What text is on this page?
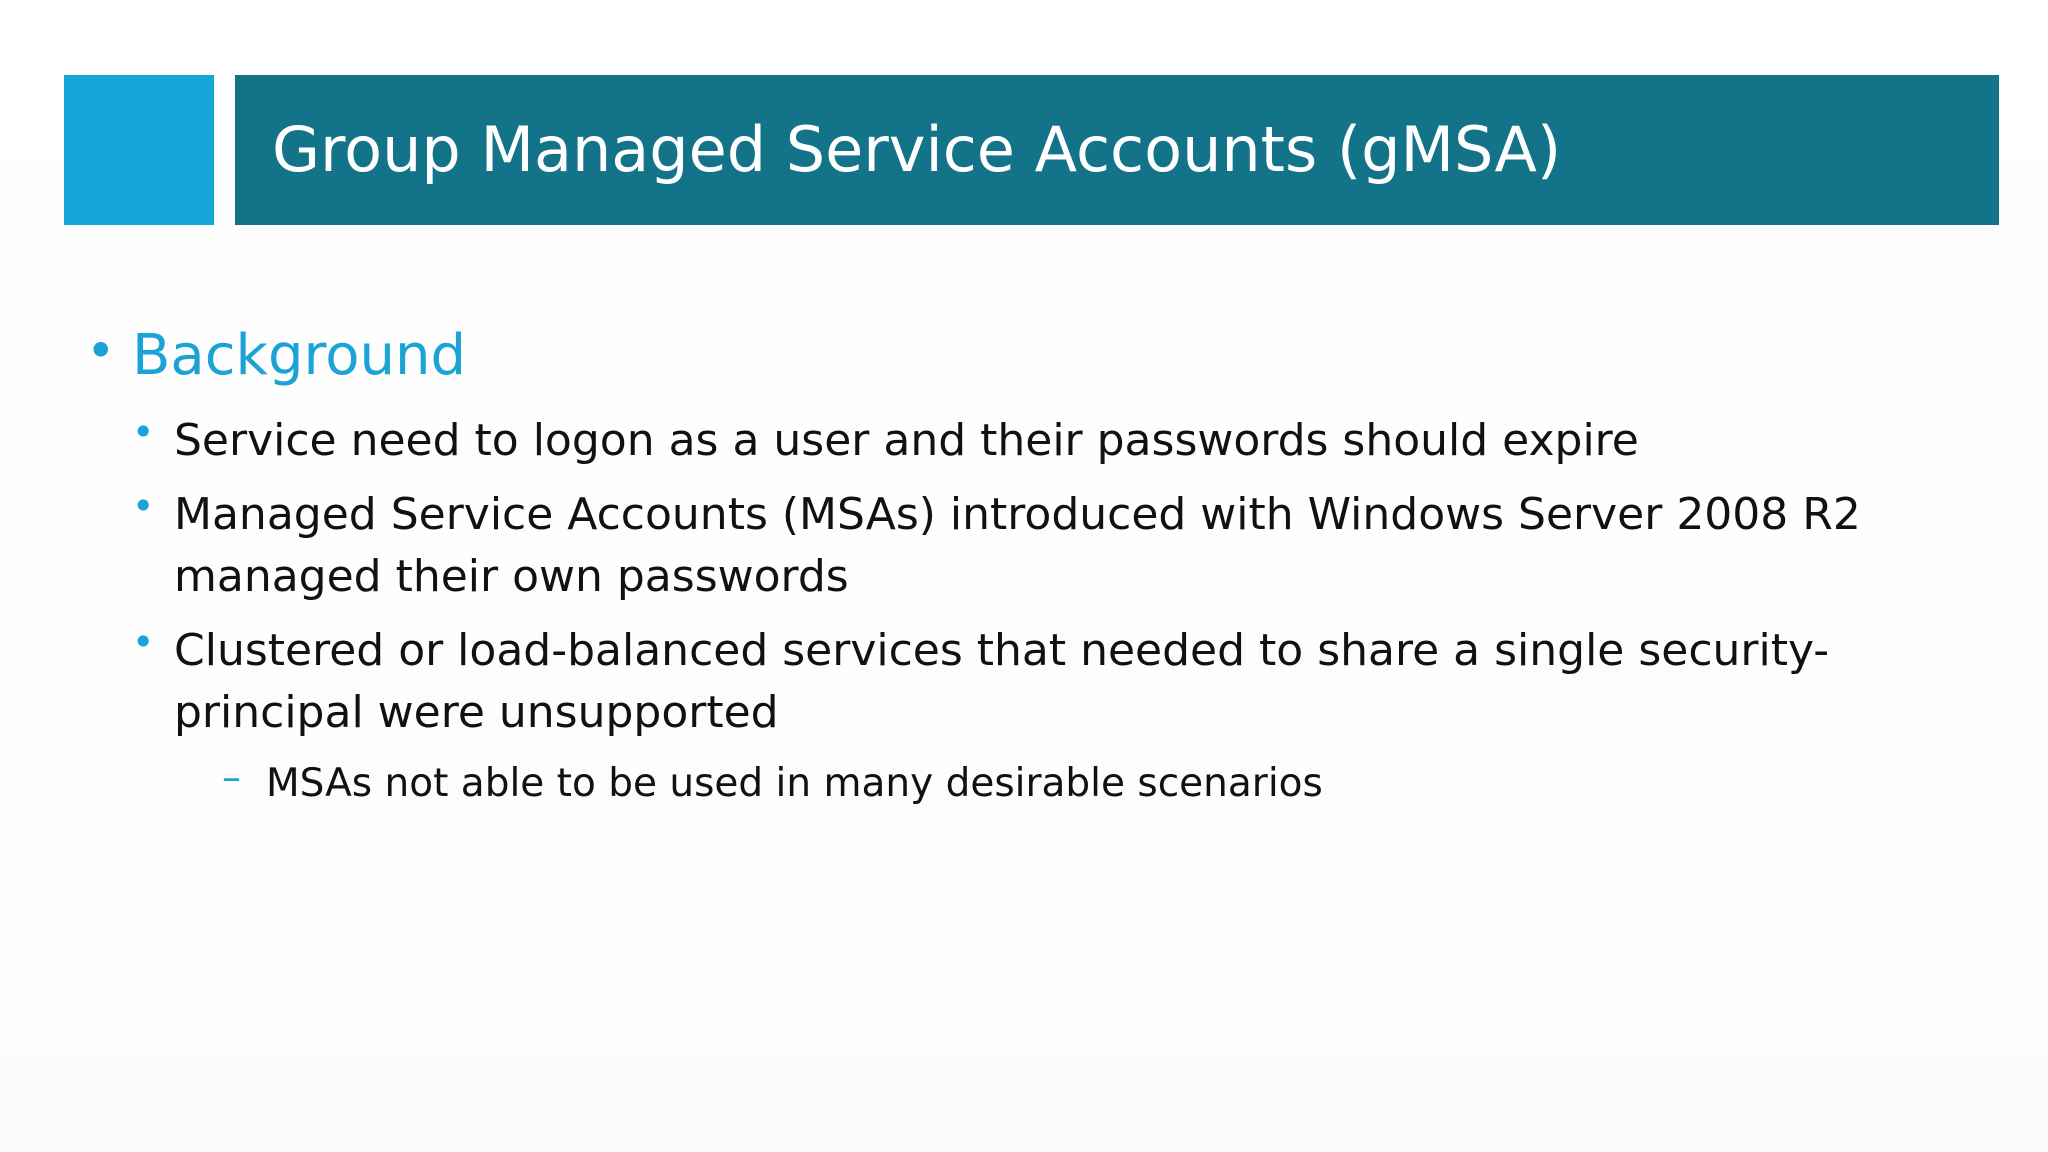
Group Managed Service Accounts (gMSA)
• Background
• Service need to logon as a user and their passwords should expire
• Managed Service Accounts (MSAs) introduced with Windows Server 2008 R2
managed their own passwords
• Clustered or load-balanced services that needed to share a single security-
principal were unsupported
– MSAs not able to be used in many desirable scenarios
